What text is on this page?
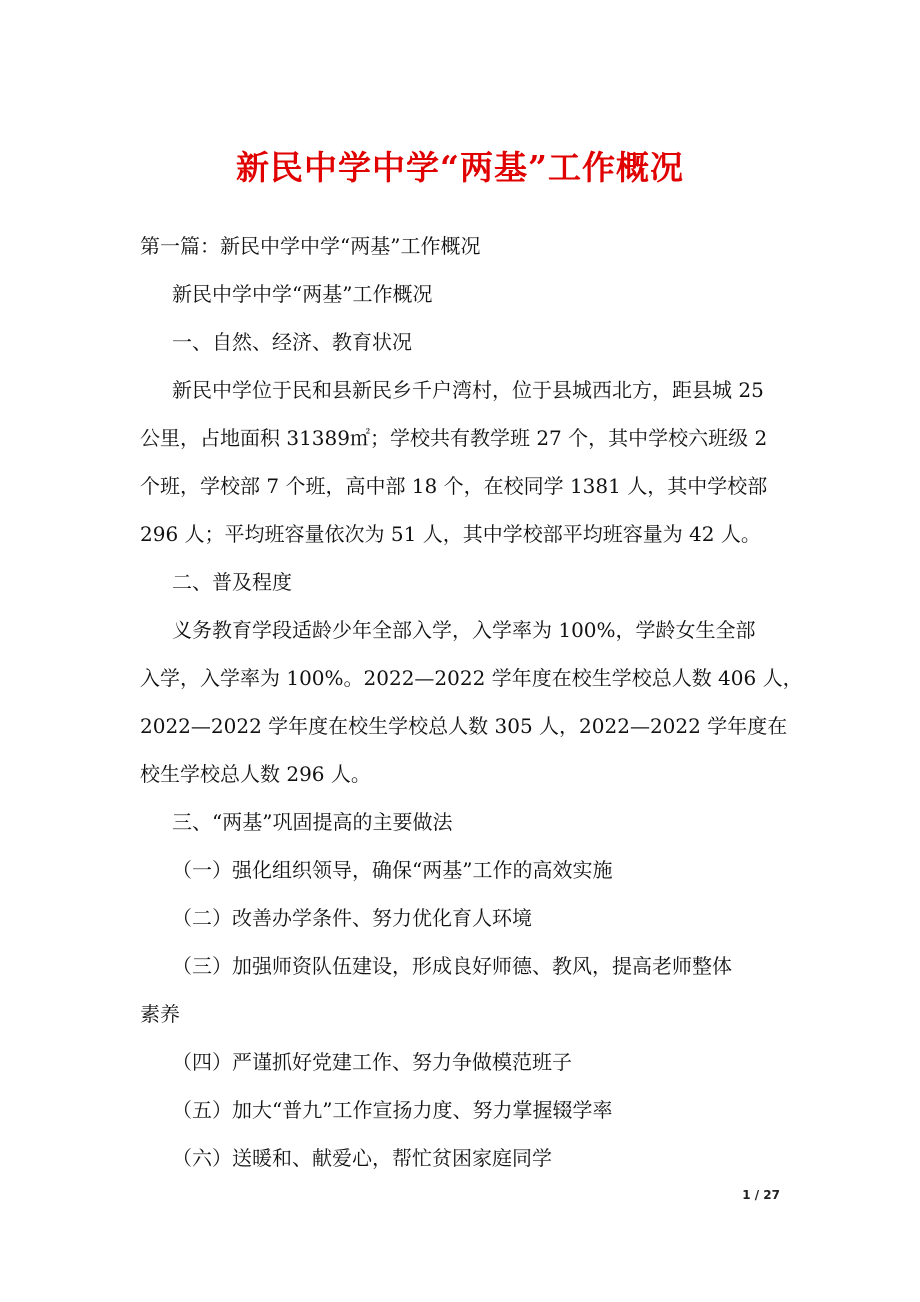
新民中学中学“两基”工作概况

第一篇：新民中学中学“两基”工作概况

新民中学中学“两基”工作概况

一、自然、经济、教育状况

新民中学位于民和县新民乡千户湾村，位于县城西北方，距县城 25

公里，占地面积 31389㎡；学校共有教学班 27 个，其中学校六班级 2

个班，学校部 7 个班，高中部 18 个，在校同学 1381 人，其中学校部

296 人；平均班容量依次为 51 人，其中学校部平均班容量为 42 人。

二、普及程度

义务教育学段适龄少年全部入学，入学率为 100%，学龄女生全部

入学，入学率为 100%。2022—2022 学年度在校生学校总人数 406 人，

2022—2022 学年度在校生学校总人数 305 人，2022—2022 学年度在

校生学校总人数 296 人。

三、“两基”巩固提高的主要做法

（一）强化组织领导，确保“两基”工作的高效实施

（二）改善办学条件、努力优化育人环境

（三）加强师资队伍建设，形成良好师德、教风，提高老师整体

素养

（四）严谨抓好党建工作、努力争做模范班子

（五）加大“普九”工作宣扬力度、努力掌握辍学率

（六）送暖和、献爱心，帮忙贫困家庭同学

1 / 27
